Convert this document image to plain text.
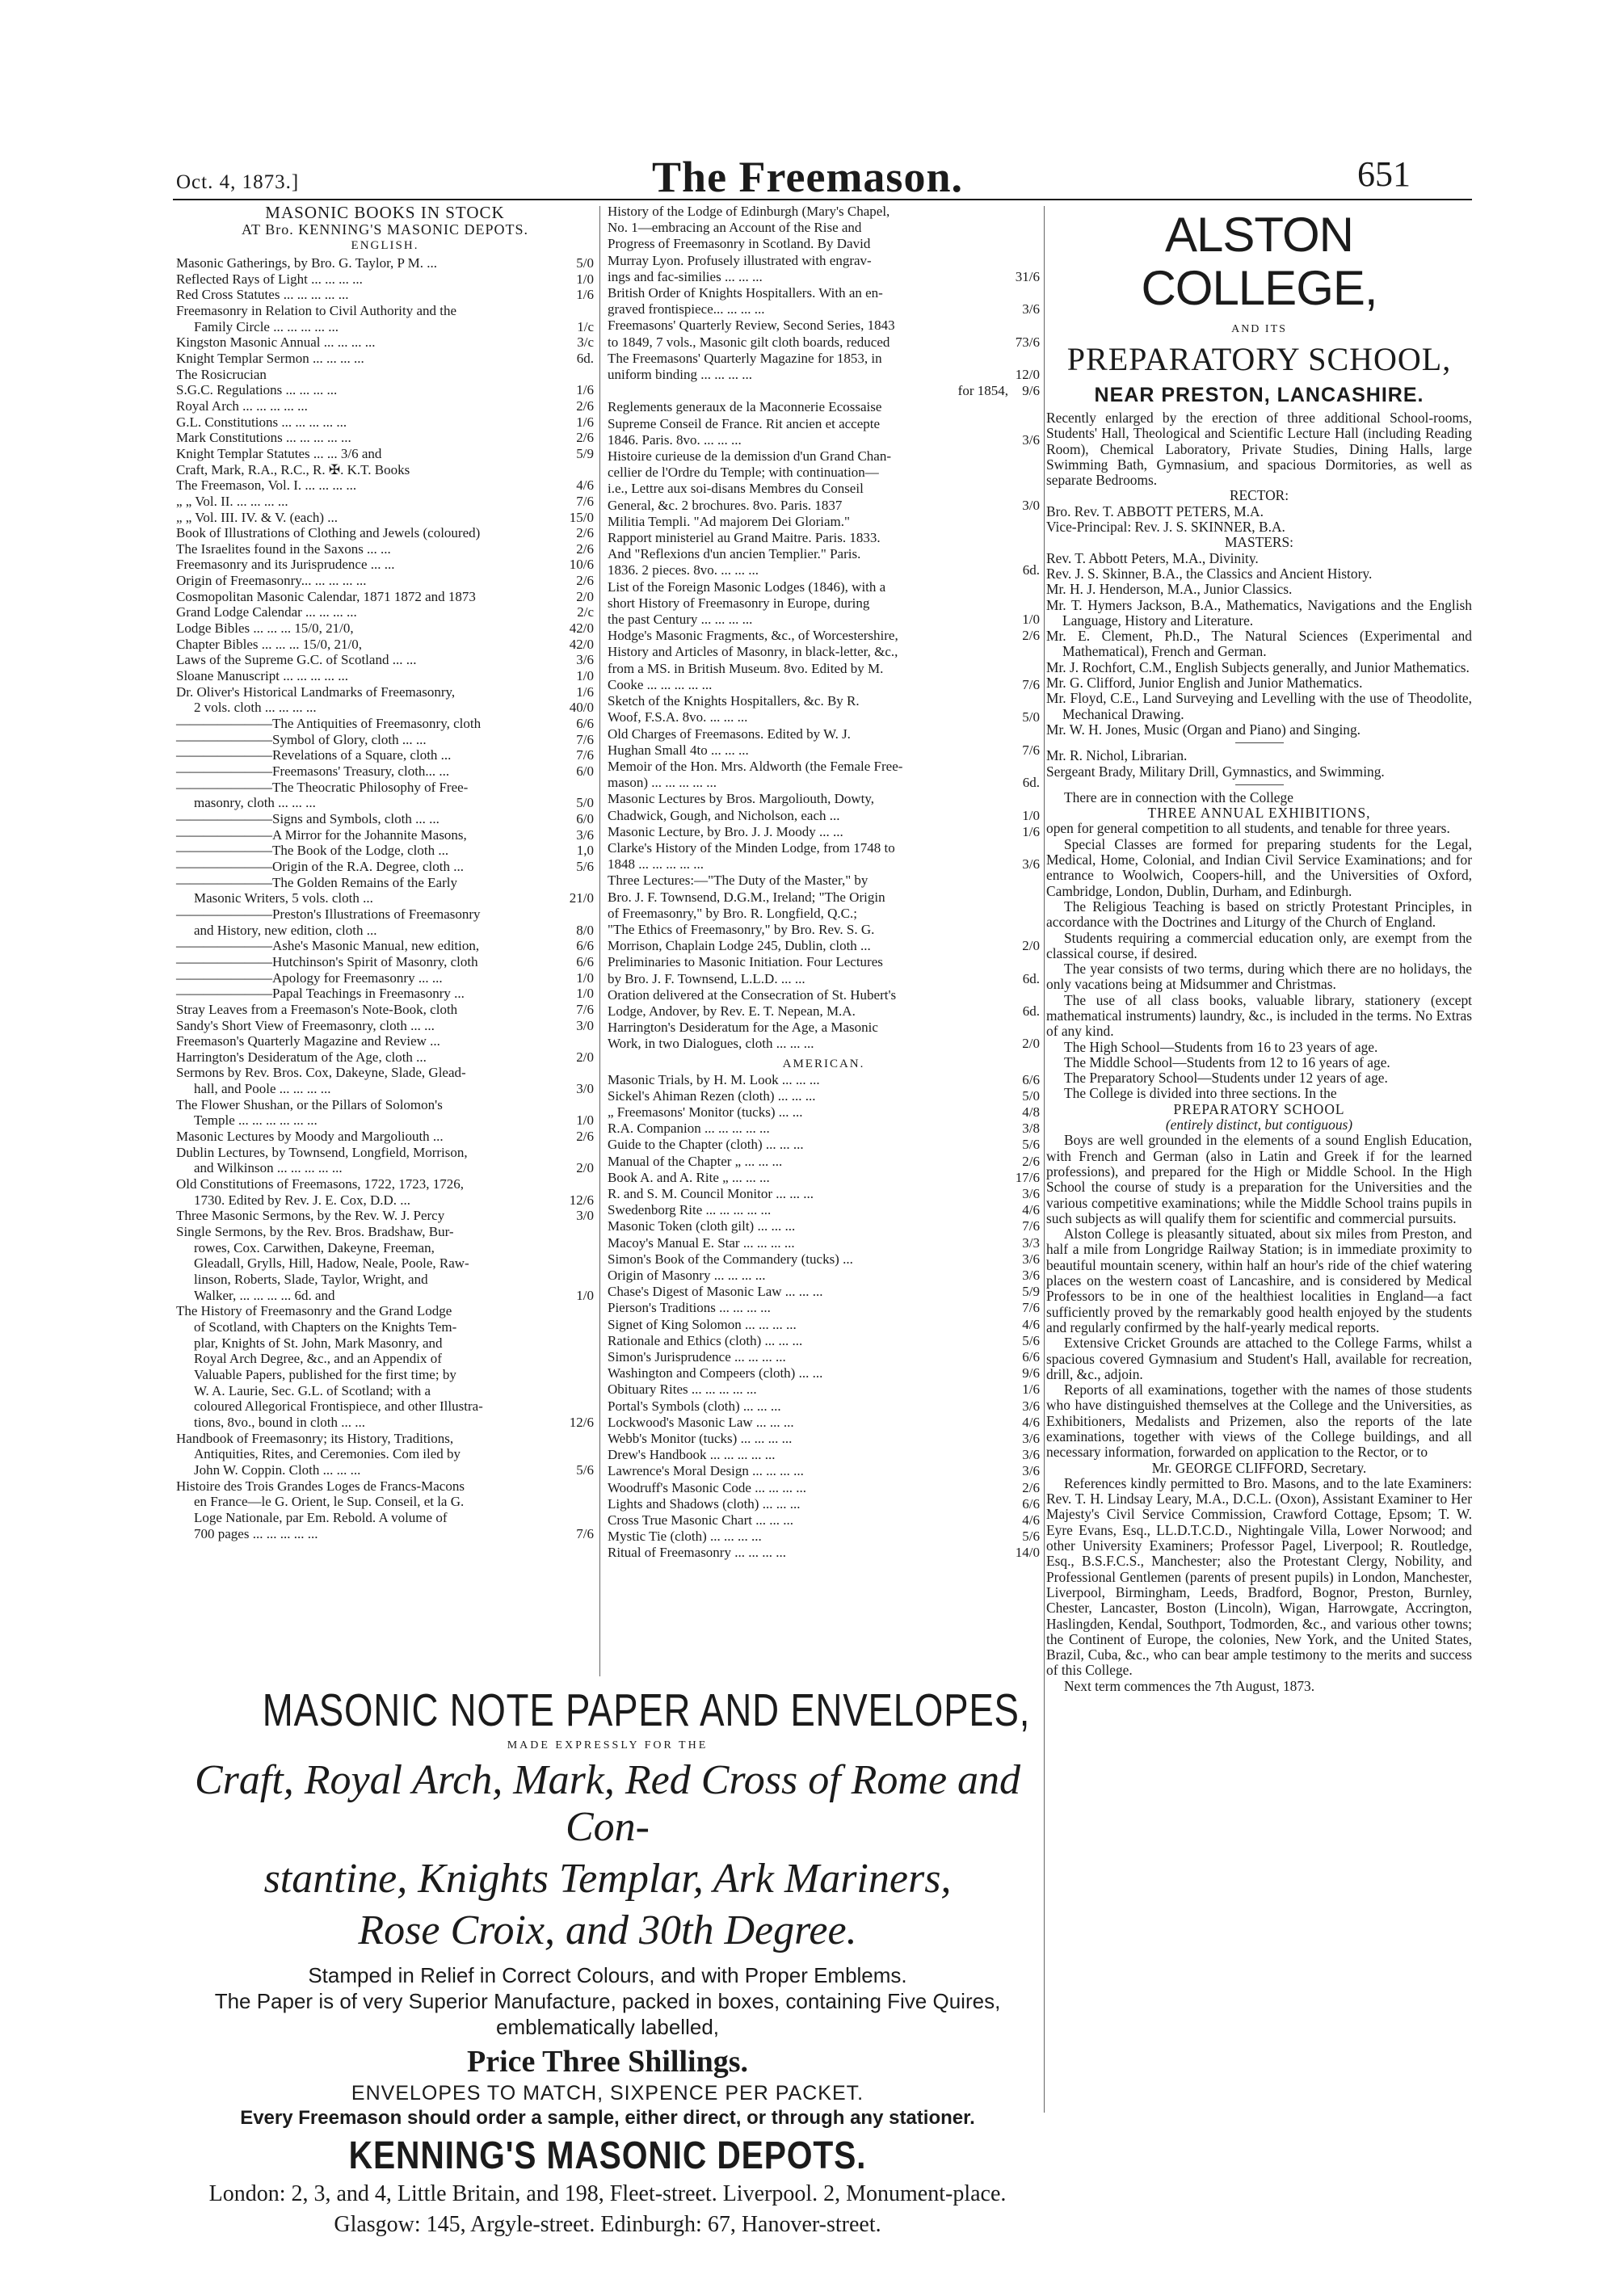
Oct. 4, 1873.]	The Freemason.	651
MASONIC BOOKS IN STOCK
AT Bro. KENNING'S MASONIC DEPOTS.
ENGLISH.
Masonic Gatherings, by Bro. G. Taylor, P M. ...	5/0
Reflected Rays of Light ... ... ... ...	1/0
Red Cross Statutes ... ... ... ... ...	1/6
Freemasonry in Relation to Civil Authority and the
Family Circle ... ... ... ... ...	1/c
Kingston Masonic Annual ... ... ... ...	3/c
Knight Templar Sermon ... ... ... ...	6d.
The Rosicrucian
S.G.C. Regulations ... ... ... ...	1/6
Royal Arch ... ... ... ... ...	2/6
G.L. Constitutions ... ... ... ... ...	1/6
Mark Constitutions ... ... ... ... ...	2/6
Knight Templar Statutes ... ... 3/6 and	5/9
Craft, Mark, R.A., R.C., R. ✠. K.T. Books
The Freemason, Vol. I. ... ... ... ...	4/6
„ „ Vol. II. ... ... ... ...	7/6
„ „ Vol. III. IV. & V. (each) ...	15/0
Book of Illustrations of Clothing and Jewels (coloured)	2/6
The Israelites found in the Saxons ... ...	2/6
Freemasonry and its Jurisprudence ... ...	10/6
Origin of Freemasonry... ... ... ... ...	2/6
Cosmopolitan Masonic Calendar, 1871 1872 and 1873	2/0
Grand Lodge Calendar ... ... ... ...	2/c
Lodge Bibles ... ... ... 15/0, 21/0,	42/0
Chapter Bibles ... ... ... 15/0, 21/0,	42/0
Laws of the Supreme G.C. of Scotland ... ...	3/6
Sloane Manuscript ... ... ... ... ...	1/0
Dr. Oliver's Historical Landmarks of Freemasonry,	1/6
2 vols. cloth ... ... ... ...	40/0
———————The Antiquities of Freemasonry, cloth	6/6
———————Symbol of Glory, cloth ... ...	7/6
———————Revelations of a Square, cloth ...	7/6
———————Freemasons' Treasury, cloth... ...	6/0
———————The Theocratic Philosophy of Free-
masonry, cloth ... ... ...	5/0
———————Signs and Symbols, cloth ... ...	6/0
———————A Mirror for the Johannite Masons,	3/6
———————The Book of the Lodge, cloth ...	1,0
———————Origin of the R.A. Degree, cloth ...	5/6
———————The Golden Remains of the Early
Masonic Writers, 5 vols. cloth ...	21/0
———————Preston's Illustrations of Freemasonry
and History, new edition, cloth ...	8/0
———————Ashe's Masonic Manual, new edition,	6/6
———————Hutchinson's Spirit of Masonry, cloth	6/6
———————Apology for Freemasonry ... ...	1/0
———————Papal Teachings in Freemasonry ...	1/0
Stray Leaves from a Freemason's Note-Book, cloth	7/6
Sandy's Short View of Freemasonry, cloth ... ...	3/0
Freemason's Quarterly Magazine and Review ...
Harrington's Desideratum of the Age, cloth ...	2/0
Sermons by Rev. Bros. Cox, Dakeyne, Slade, Glead-
hall, and Poole ... ... ... ...	3/0
The Flower Shushan, or the Pillars of Solomon's
Temple ... ... ... ... ... ...	1/0
Masonic Lectures by Moody and Margoliouth ...	2/6
Dublin Lectures, by Townsend, Longfield, Morrison,
and Wilkinson ... ... ... ... ...	2/0
Old Constitutions of Freemasons, 1722, 1723, 1726,
1730. Edited by Rev. J. E. Cox, D.D. ...	12/6
Three Masonic Sermons, by the Rev. W. J. Percy	3/0
Single Sermons, by the Rev. Bros. Bradshaw, Bur-
rowes, Cox. Carwithen, Dakeyne, Freeman,
Gleadall, Grylls, Hill, Hadow, Neale, Poole, Raw-
linson, Roberts, Slade, Taylor, Wright, and
Walker, ... ... ... ... 6d. and	1/0
The History of Freemasonry and the Grand Lodge
of Scotland, with Chapters on the Knights Tem-
plar, Knights of St. John, Mark Masonry, and
Royal Arch Degree, &c., and an Appendix of
Valuable Papers, published for the first time; by
W. A. Laurie, Sec. G.L. of Scotland; with a
coloured Allegorical Frontispiece, and other Illustra-
tions, 8vo., bound in cloth ... ...	12/6
Handbook of Freemasonry; its History, Traditions,
Antiquities, Rites, and Ceremonies. Com iled by
John W. Coppin. Cloth ... ... ...	5/6
Histoire des Trois Grandes Loges de Francs-Macons
en France—le G. Orient, le Sup. Conseil, et la G.
Loge Nationale, par Em. Rebold. A volume of
700 pages ... ... ... ... ...	7/6
History of the Lodge of Edinburgh (Mary's Chapel,
No. 1—embracing an Account of the Rise and
Progress of Freemasonry in Scotland. By David
Murray Lyon. Profusely illustrated with engrav-
ings and fac-similies ... ... ...	31/6
British Order of Knights Hospitallers. With an en-
graved frontispiece... ... ... ...	3/6
Freemasons' Quarterly Review, Second Series, 1843
to 1849, 7 vols., Masonic gilt cloth boards, reduced	73/6
The Freemasons' Quarterly Magazine for 1853, in
uniform binding ... ... ... ...	12/0
for 1854,	9/6
Reglements generaux de la Maconnerie Ecossaise
Supreme Conseil de France. Rit ancien et accepte
1846. Paris. 8vo. ... ... ...	3/6
Histoire curieuse de la demission d'un Grand Chan-
cellier de l'Ordre du Temple; with continuation—
i.e., Lettre aux soi-disans Membres du Conseil
General, &c. 2 brochures. 8vo. Paris. 1837	3/0
Militia Templi. "Ad majorem Dei Gloriam."
Rapport ministeriel au Grand Maitre. Paris. 1833.
And "Reflexions d'un ancien Templier." Paris.
1836. 2 pieces. 8vo. ... ... ...	6d.
List of the Foreign Masonic Lodges (1846), with a
short History of Freemasonry in Europe, during
the past Century ... ... ... ...	1/0
Hodge's Masonic Fragments, &c., of Worcestershire,	2/6
History and Articles of Masonry, in black-letter, &c.,
from a MS. in British Museum. 8vo. Edited by M.
Cooke ... ... ... ... ...	7/6
Sketch of the Knights Hospitallers, &c. By R.
Woof, F.S.A. 8vo. ... ... ...	5/0
Old Charges of Freemasons. Edited by W. J.
Hughan Small 4to ... ... ...	7/6
Memoir of the Hon. Mrs. Aldworth (the Female Free-
mason) ... ... ... ... ...	6d.
Masonic Lectures by Bros. Margoliouth, Dowty,
Chadwick, Gough, and Nicholson, each ...	1/0
Masonic Lecture, by Bro. J. J. Moody ... ...	1/6
Clarke's History of the Minden Lodge, from 1748 to
1848 ... ... ... ... ...	3/6
Three Lectures:—"The Duty of the Master," by
Bro. J. F. Townsend, D.G.M., Ireland; "The Origin
of Freemasonry," by Bro. R. Longfield, Q.C.;
"The Ethics of Freemasonry," by Bro. Rev. S. G.
Morrison, Chaplain Lodge 245, Dublin, cloth ...	2/0
Preliminaries to Masonic Initiation. Four Lectures
by Bro. J. F. Townsend, L.L.D. ... ...	6d.
Oration delivered at the Consecration of St. Hubert's
Lodge, Andover, by Rev. E. T. Nepean, M.A.	6d.
Harrington's Desideratum for the Age, a Masonic
Work, in two Dialogues, cloth ... ... ...	2/0
AMERICAN.
Masonic Trials, by H. M. Look ... ... ...	6/6
Sickel's Ahiman Rezen (cloth) ... ... ...	5/0
„ Freemasons' Monitor (tucks) ... ...	4/8
R.A. Companion ... ... ... ... ...	3/8
Guide to the Chapter (cloth) ... ... ...	5/6
Manual of the Chapter „ ... ... ...	2/6
Book A. and A. Rite „ ... ... ...	17/6
R. and S. M. Council Monitor ... ... ...	3/6
Swedenborg Rite ... ... ... ... ...	4/6
Masonic Token (cloth gilt) ... ... ...	7/6
Macoy's Manual E. Star ... ... ... ...	3/3
Simon's Book of the Commandery (tucks) ...	3/6
Origin of Masonry ... ... ... ...	3/6
Chase's Digest of Masonic Law ... ... ...	5/9
Pierson's Traditions ... ... ... ...	7/6
Signet of King Solomon ... ... ... ...	4/6
Rationale and Ethics (cloth) ... ... ...	5/6
Simon's Jurisprudence ... ... ... ...	6/6
Washington and Compeers (cloth) ... ...	9/6
Obituary Rites ... ... ... ... ...	1/6
Portal's Symbols (cloth) ... ... ...	3/6
Lockwood's Masonic Law ... ... ...	4/6
Webb's Monitor (tucks) ... ... ... ...	3/6
Drew's Handbook ... ... ... ... ...	3/6
Lawrence's Moral Design ... ... ... ...	3/6
Woodruff's Masonic Code ... ... ... ...	2/6
Lights and Shadows (cloth) ... ... ...	6/6
Cross True Masonic Chart ... ... ...	4/6
Mystic Tie (cloth) ... ... ... ...	5/6
Ritual of Freemasonry ... ... ... ...	14/0
ALSTON COLLEGE,
AND ITS
PREPARATORY SCHOOL,
NEAR PRESTON, LANCASHIRE.
Recently enlarged by the erection of three additional School-rooms, Students' Hall, Theological and Scientific Lecture Hall (including Reading Room), Chemical Laboratory, Private Studies, Dining Halls, large Swimming Bath, Gymnasium, and spacious Dormitories, as well as separate Bedrooms.
RECTOR:
Bro. Rev. T. ABBOTT PETERS, M.A.
Vice-Principal: Rev. J. S. SKINNER, B.A.
MASTERS:
Rev. T. Abbott Peters, M.A., Divinity.
Rev. J. S. Skinner, B.A., the Classics and Ancient History.
Mr. H. J. Henderson, M.A., Junior Classics.
Mr. T. Hymers Jackson, B.A., Mathematics, Navigations and the English Language, History and Literature.
Mr. E. Clement, Ph.D., The Natural Sciences (Experimental and Mathematical), French and German.
Mr. J. Rochfort, C.M., English Subjects generally, and Junior Mathematics.
Mr. G. Clifford, Junior English and Junior Mathematics.
Mr. Floyd, C.E., Land Surveying and Levelling with the use of Theodolite, Mechanical Drawing.
Mr. W. H. Jones, Music (Organ and Piano) and Singing.
Mr. R. Nichol, Librarian.
Sergeant Brady, Military Drill, Gymnastics, and Swimming.
There are in connection with the College
THREE ANNUAL EXHIBITIONS,
open for general competition to all students, and tenable for three years.
Special Classes are formed for preparing students for the Legal, Medical, Home, Colonial, and Indian Civil Service Examinations; and for entrance to Woolwich, Coopers-hill, and the Universities of Oxford, Cambridge, London, Dublin, Durham, and Edinburgh.
The Religious Teaching is based on strictly Protestant Principles, in accordance with the Doctrines and Liturgy of the Church of England.
Students requiring a commercial education only, are exempt from the classical course, if desired.
The year consists of two terms, during which there are no holidays, the only vacations being at Midsummer and Christmas.
The use of all class books, valuable library, stationery (except mathematical instruments) laundry, &c., is included in the terms. No Extras of any kind.
The High School—Students from 16 to 23 years of age.
The Middle School—Students from 12 to 16 years of age.
The Preparatory School—Students under 12 years of age.
The College is divided into three sections. In the
PREPARATORY SCHOOL
(entirely distinct, but contiguous)
Boys are well grounded in the elements of a sound English Education, with French and German (also in Latin and Greek if for the learned professions), and prepared for the High or Middle School. In the High School the course of study is a preparation for the Universities and the various competitive examinations; while the Middle School trains pupils in such subjects as will qualify them for scientific and commercial pursuits.
Alston College is pleasantly situated, about six miles from Preston, and half a mile from Longridge Railway Station; is in immediate proximity to beautiful mountain scenery, within half an hour's ride of the chief watering places on the western coast of Lancashire, and is considered by Medical Professors to be in one of the healthiest localities in England—a fact sufficiently proved by the remarkably good health enjoyed by the students and regularly confirmed by the half-yearly medical reports.
Extensive Cricket Grounds are attached to the College Farms, whilst a spacious covered Gymnasium and Student's Hall, available for recreation, drill, &c., adjoin.
Reports of all examinations, together with the names of those students who have distinguished themselves at the College and the Universities, as Exhibitioners, Medalists and Prizemen, also the reports of the late examinations, together with views of the College buildings, and all necessary information, forwarded on application to the Rector, or to
Mr. GEORGE CLIFFORD, Secretary.
References kindly permitted to Bro. Masons, and to the late Examiners: Rev. T. H. Lindsay Leary, M.A., D.C.L. (Oxon), Assistant Examiner to Her Majesty's Civil Service Commission, Crawford Cottage, Epsom; T. W. Eyre Evans, Esq., LL.D.T.C.D., Nightingale Villa, Lower Norwood; and other University Examiners; Professor Pagel, Liverpool; R. Routledge, Esq., B.S.F.C.S., Manchester; also the Protestant Clergy, Nobility, and Professional Gentlemen (parents of present pupils) in London, Manchester, Liverpool, Birmingham, Leeds, Bradford, Bognor, Preston, Burnley, Chester, Lancaster, Boston (Lincoln), Wigan, Harrowgate, Accrington, Haslingden, Kendal, Southport, Todmorden, &c., and various other towns; the Continent of Europe, the colonies, New York, and the United States, Brazil, Cuba, &c., who can bear ample testimony to the merits and success of this College.
Next term commences the 7th August, 1873.
MASONIC NOTE PAPER AND ENVELOPES,
MADE EXPRESSLY FOR THE
Craft, Royal Arch, Mark, Red Cross of Rome and Con-
stantine, Knights Templar, Ark Mariners,
Rose Croix, and 30th Degree.
Stamped in Relief in Correct Colours, and with Proper Emblems.
The Paper is of very Superior Manufacture, packed in boxes, containing Five Quires,
emblematically labelled,
Price Three Shillings.
ENVELOPES TO MATCH, SIXPENCE PER PACKET.
Every Freemason should order a sample, either direct, or through any stationer.
KENNING'S MASONIC DEPOTS.
London: 2, 3, and 4, Little Britain, and 198, Fleet-street. Liverpool. 2, Monument-place.
Glasgow: 145, Argyle-street. Edinburgh: 67, Hanover-street.
